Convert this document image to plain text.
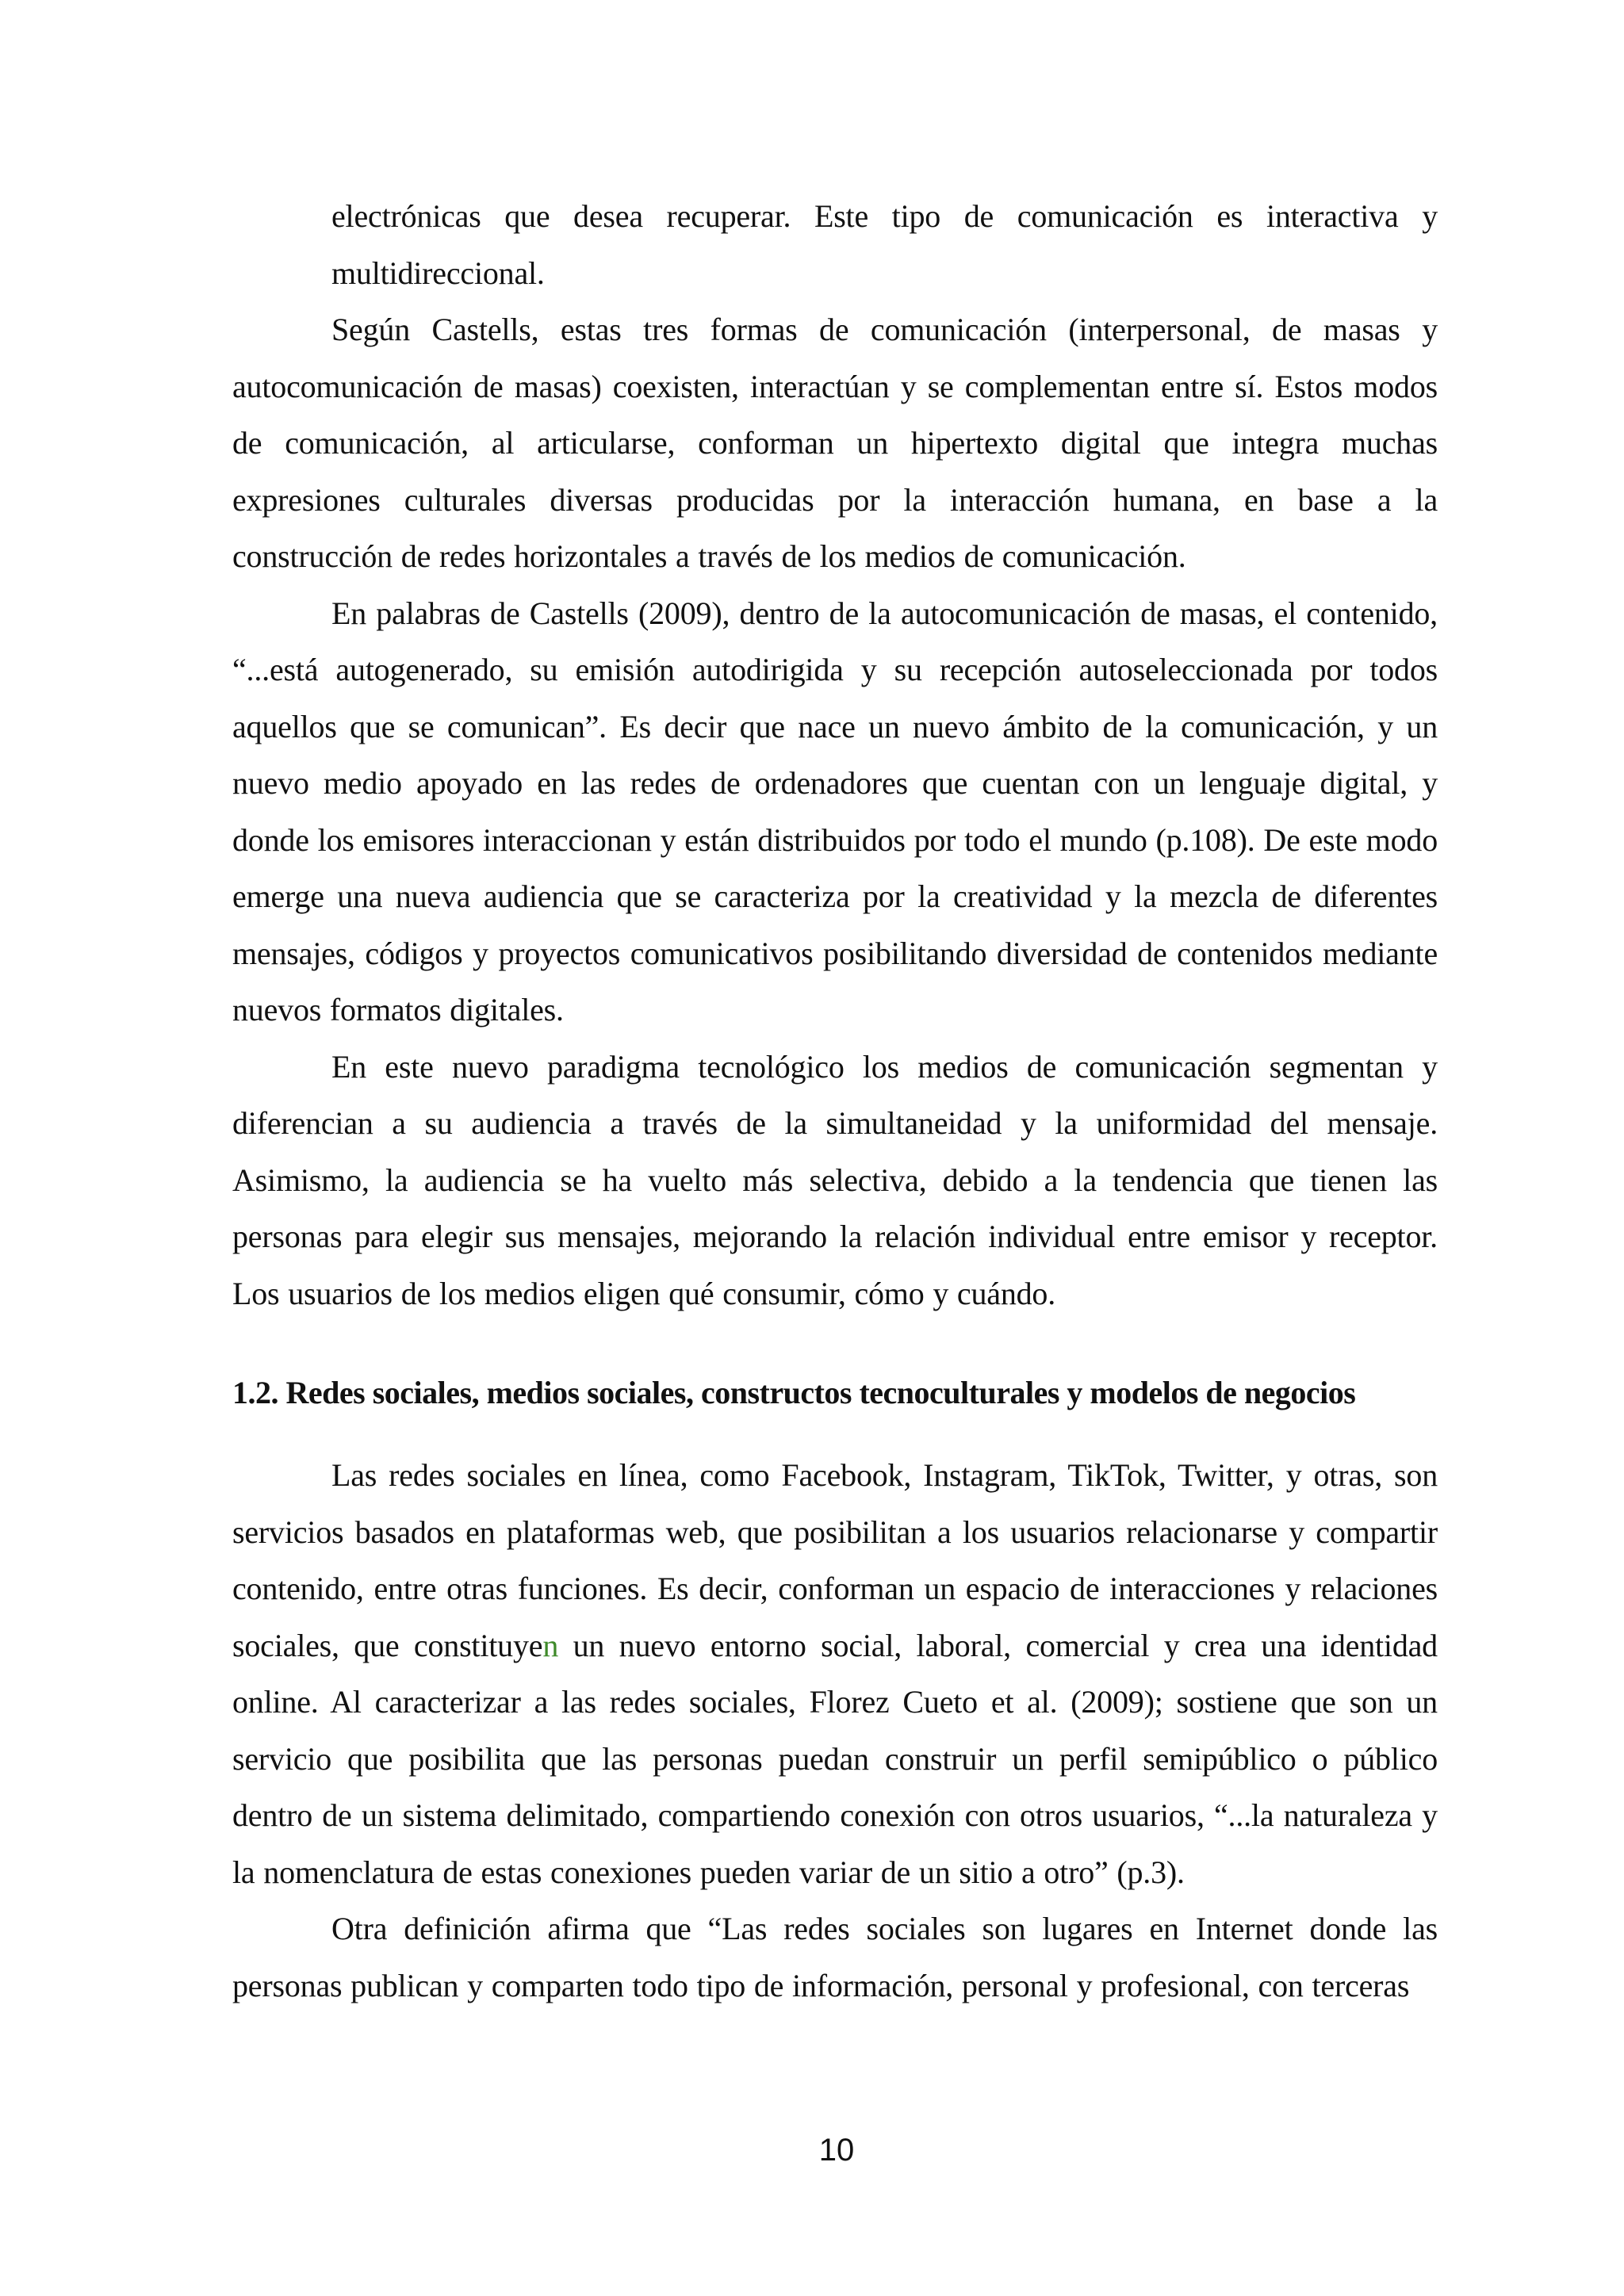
electrónicas que desea recuperar. Este tipo de comunicación es interactiva y multidireccional.

Según Castells, estas tres formas de comunicación (interpersonal, de masas y autocomunicación de masas) coexisten, interactúan y se complementan entre sí. Estos modos de comunicación, al articularse, conforman un hipertexto digital que integra muchas expresiones culturales diversas producidas por la interacción humana, en base a la construcción de redes horizontales a través de los medios de comunicación.

En palabras de Castells (2009), dentro de la autocomunicación de masas, el contenido, “...está autogenerado, su emisión autodirigida y su recepción autoseleccionada por todos aquellos que se comunican”. Es decir que nace un nuevo ámbito de la comunicación, y un nuevo medio apoyado en las redes de ordenadores que cuentan con un lenguaje digital, y donde los emisores interaccionan y están distribuidos por todo el mundo (p.108). De este modo emerge una nueva audiencia que se caracteriza por la creatividad y la mezcla de diferentes mensajes, códigos y proyectos comunicativos posibilitando diversidad de contenidos mediante nuevos formatos digitales.

En este nuevo paradigma tecnológico los medios de comunicación segmentan y diferencian a su audiencia a través de la simultaneidad y la uniformidad del mensaje. Asimismo, la audiencia se ha vuelto más selectiva, debido a la tendencia que tienen las personas para elegir sus mensajes, mejorando la relación individual entre emisor y receptor. Los usuarios de los medios eligen qué consumir, cómo y cuándo.

1.2. Redes sociales, medios sociales, constructos tecnoculturales y modelos de negocios

Las redes sociales en línea, como Facebook, Instagram, TikTok, Twitter, y otras, son servicios basados en plataformas web, que posibilitan a los usuarios relacionarse y compartir contenido, entre otras funciones. Es decir, conforman un espacio de interacciones y relaciones sociales, que constituyen un nuevo entorno social, laboral, comercial y crea una identidad online. Al caracterizar a las redes sociales, Florez Cueto et al. (2009); sostiene que son un servicio que posibilita que las personas puedan construir un perfil semipúblico o público dentro de un sistema delimitado, compartiendo conexión con otros usuarios, “...la naturaleza y la nomenclatura de estas conexiones pueden variar de un sitio a otro” (p.3).

Otra definición afirma que “Las redes sociales son lugares en Internet donde las personas publican y comparten todo tipo de información, personal y profesional, con terceras

10
